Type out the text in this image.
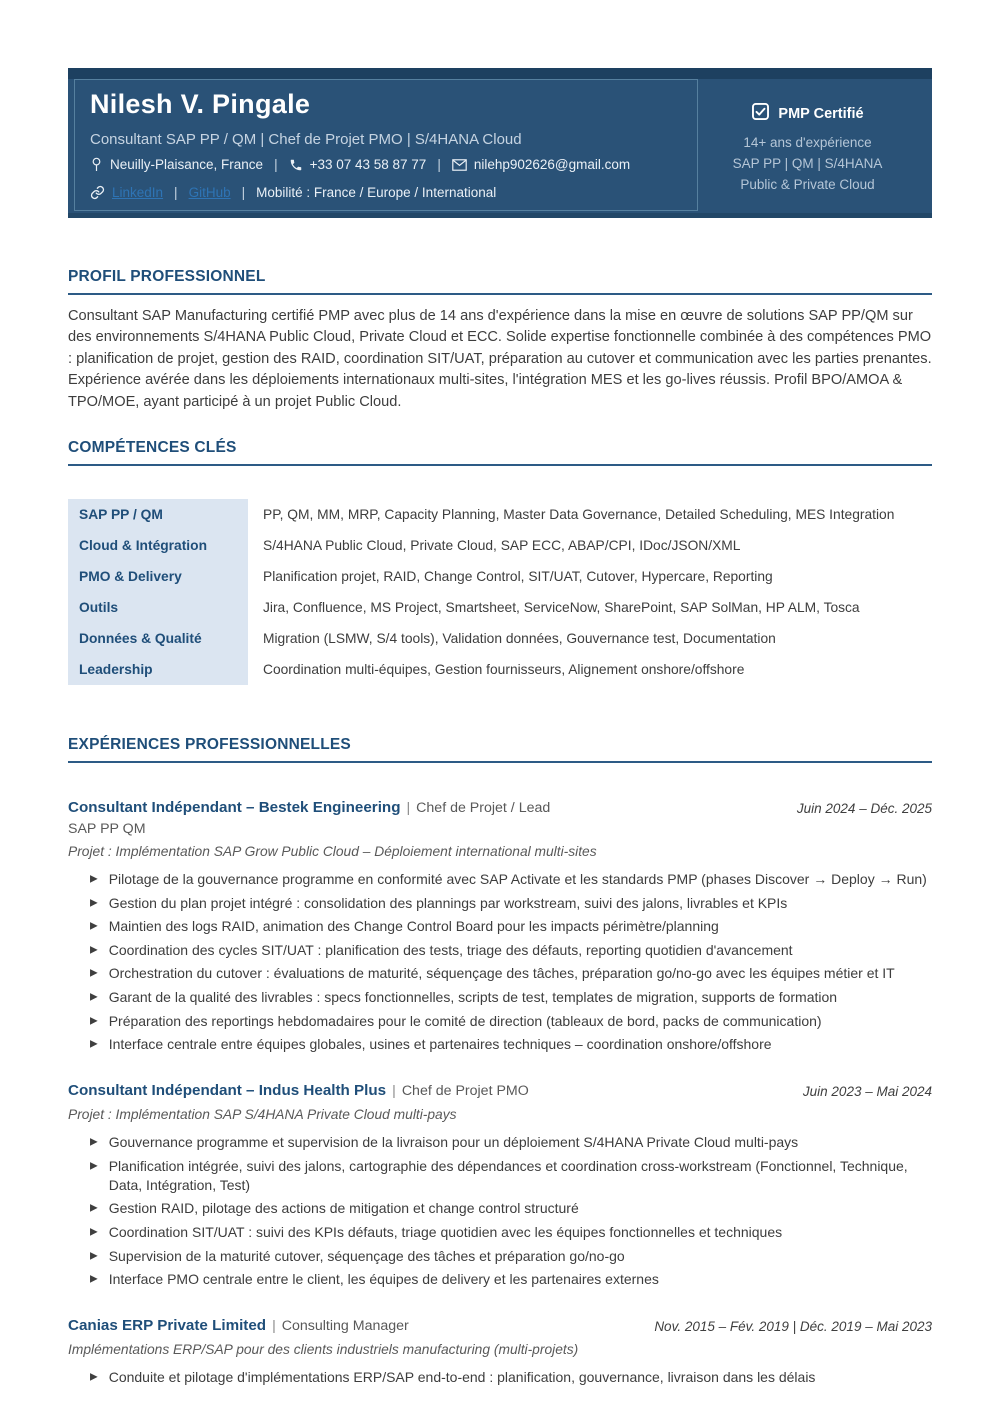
Nilesh V. Pingale
Consultant SAP PP / QM | Chef de Projet PMO | S/4HANA Cloud
Neuilly-Plaisance, France | +33 07 43 58 87 77 | nilehp902626@gmail.com
LinkedIn | GitHub | Mobilité : France / Europe / International
PMP Certifié
14+ ans d'expérience
SAP PP | QM | S/4HANA
Public & Private Cloud
PROFIL PROFESSIONNEL

Consultant SAP Manufacturing certifié PMP avec plus de 14 ans d'expérience dans la mise en œuvre de solutions SAP PP/QM sur des environnements S/4HANA Public Cloud, Private Cloud et ECC. Solide expertise fonctionnelle combinée à des compétences PMO : planification de projet, gestion des RAID, coordination SIT/UAT, préparation au cutover et communication avec les parties prenantes. Expérience avérée dans les déploiements internationaux multi-sites, l'intégration MES et les go-lives réussis. Profil BPO/AMOA & TPO/MOE, ayant participé à un projet Public Cloud.

COMPÉTENCES CLÉS
SAP PP / QM	PP, QM, MM, MRP, Capacity Planning, Master Data Governance, Detailed Scheduling, MES Integration
Cloud & Intégration	S/4HANA Public Cloud, Private Cloud, SAP ECC, ABAP/CPI, IDoc/JSON/XML
PMO & Delivery	Planification projet, RAID, Change Control, SIT/UAT, Cutover, Hypercare, Reporting
Outils	Jira, Confluence, MS Project, Smartsheet, ServiceNow, SharePoint, SAP SolMan, HP ALM, Tosca
Données & Qualité	Migration (LSMW, S/4 tools), Validation données, Gouvernance test, Documentation
Leadership	Coordination multi-équipes, Gestion fournisseurs, Alignement onshore/offshore
EXPÉRIENCES PROFESSIONNELLES
Consultant Indépendant – Bestek Engineering | Chef de Projet / Lead
SAP PP QM
Juin 2024 – Déc. 2025
Projet : Implémentation SAP Grow Public Cloud – Déploiement international multi-sites
▶ Pilotage de la gouvernance programme en conformité avec SAP Activate et les standards PMP (phases Discover → Deploy → Run)
▶ Gestion du plan projet intégré : consolidation des plannings par workstream, suivi des jalons, livrables et KPIs
▶ Maintien des logs RAID, animation des Change Control Board pour les impacts périmètre/planning
▶ Coordination des cycles SIT/UAT : planification des tests, triage des défauts, reporting quotidien d'avancement
▶ Orchestration du cutover : évaluations de maturité, séquençage des tâches, préparation go/no-go avec les équipes métier et IT
▶ Garant de la qualité des livrables : specs fonctionnelles, scripts de test, templates de migration, supports de formation
▶ Préparation des reportings hebdomadaires pour le comité de direction (tableaux de bord, packs de communication)
▶ Interface centrale entre équipes globales, usines et partenaires techniques – coordination onshore/offshore
Consultant Indépendant – Indus Health Plus | Chef de Projet PMO	Juin 2023 – Mai 2024
Projet : Implémentation SAP S/4HANA Private Cloud multi-pays
▶ Gouvernance programme et supervision de la livraison pour un déploiement S/4HANA Private Cloud multi-pays
▶ Planification intégrée, suivi des jalons, cartographie des dépendances et coordination cross-workstream (Fonctionnel, Technique, Data, Intégration, Test)
▶ Gestion RAID, pilotage des actions de mitigation et change control structuré
▶ Coordination SIT/UAT : suivi des KPIs défauts, triage quotidien avec les équipes fonctionnelles et techniques
▶ Supervision de la maturité cutover, séquençage des tâches et préparation go/no-go
▶ Interface PMO centrale entre le client, les équipes de delivery et les partenaires externes
Canias ERP Private Limited | Consulting Manager	Nov. 2015 – Fév. 2019 | Déc. 2019 – Mai 2023
Implémentations ERP/SAP pour des clients industriels manufacturing (multi-projets)
▶ Conduite et pilotage d'implémentations ERP/SAP end-to-end : planification, gouvernance, livraison dans les délais
